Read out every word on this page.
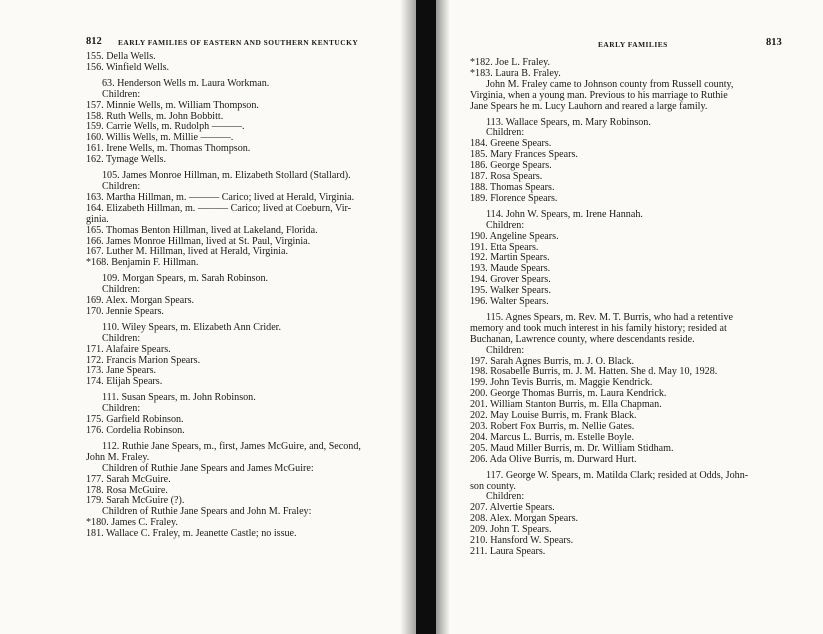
812 EARLY FAMILIES OF EASTERN AND SOUTHERN KENTUCKY
155. Della Wells.
156. Winfield Wells.
63. Henderson Wells m. Laura Workman.
Children:
157. Minnie Wells, m. William Thompson.
158. Ruth Wells, m. John Bobbitt.
159. Carrie Wells, m. Rudolph ———.
160. Willis Wells, m. Millie ———.
161. Irene Wells, m. Thomas Thompson.
162. Tymage Wells.
105. James Monroe Hillman, m. Elizabeth Stollard (Stallard).
Children:
163. Martha Hillman, m. ——— Carico; lived at Herald, Virginia.
164. Elizabeth Hillman, m. ——— Carico; lived at Coeburn, Vir-
ginia.
165. Thomas Benton Hillman, lived at Lakeland, Florida.
166. James Monroe Hillman, lived at St. Paul, Virginia.
167. Luther M. Hillman, lived at Herald, Virginia.
*168. Benjamin F. Hillman.
109. Morgan Spears, m. Sarah Robinson.
Children:
169. Alex. Morgan Spears.
170. Jennie Spears.
110. Wiley Spears, m. Elizabeth Ann Crider.
Children:
171. Alafaire Spears.
172. Francis Marion Spears.
173. Jane Spears.
174. Elijah Spears.
111. Susan Spears, m. John Robinson.
Children:
175. Garfield Robinson.
176. Cordelia Robinson.
112. Ruthie Jane Spears, m., first, James McGuire, and, Second,
John M. Fraley.
Children of Ruthie Jane Spears and James McGuire:
177. Sarah McGuire.
178. Rosa McGuire.
179. Sarah McGuire (?).
Children of Ruthie Jane Spears and John M. Fraley:
*180. James C. Fraley.
181. Wallace C. Fraley, m. Jeanette Castle; no issue.
EARLY FAMILIES	813
*182. Joe L. Fraley.
*183. Laura B. Fraley.
John M. Fraley came to Johnson county from Russell county,
Virginia, when a young man. Previous to his marriage to Ruthie
Jane Spears he m. Lucy Lauhorn and reared a large family.
113. Wallace Spears, m. Mary Robinson.
Children:
184. Greene Spears.
185. Mary Frances Spears.
186. George Spears.
187. Rosa Spears.
188. Thomas Spears.
189. Florence Spears.
114. John W. Spears, m. Irene Hannah.
Children:
190. Angeline Spears.
191. Etta Spears.
192. Martin Spears.
193. Maude Spears.
194. Grover Spears.
195. Walker Spears.
196. Walter Spears.
115. Agnes Spears, m. Rev. M. T. Burris, who had a retentive
memory and took much interest in his family history; resided at
Buchanan, Lawrence county, where descendants reside.
Children:
197. Sarah Agnes Burris, m. J. O. Black.
198. Rosabelle Burris, m. J. M. Hatten. She d. May 10, 1928.
199. John Tevis Burris, m. Maggie Kendrick.
200. George Thomas Burris, m. Laura Kendrick.
201. William Stanton Burris, m. Ella Chapman.
202. May Louise Burris, m. Frank Black.
203. Robert Fox Burris, m. Nellie Gates.
204. Marcus L. Burris, m. Estelle Boyle.
205. Maud Miller Burris, m. Dr. William Stidham.
206. Ada Olive Burris, m. Durward Hurt.
117. George W. Spears, m. Matilda Clark; resided at Odds, John-
son county.
Children:
207. Alvertie Spears.
208. Alex. Morgan Spears.
209. John T. Spears.
210. Hansford W. Spears.
211. Laura Spears.
